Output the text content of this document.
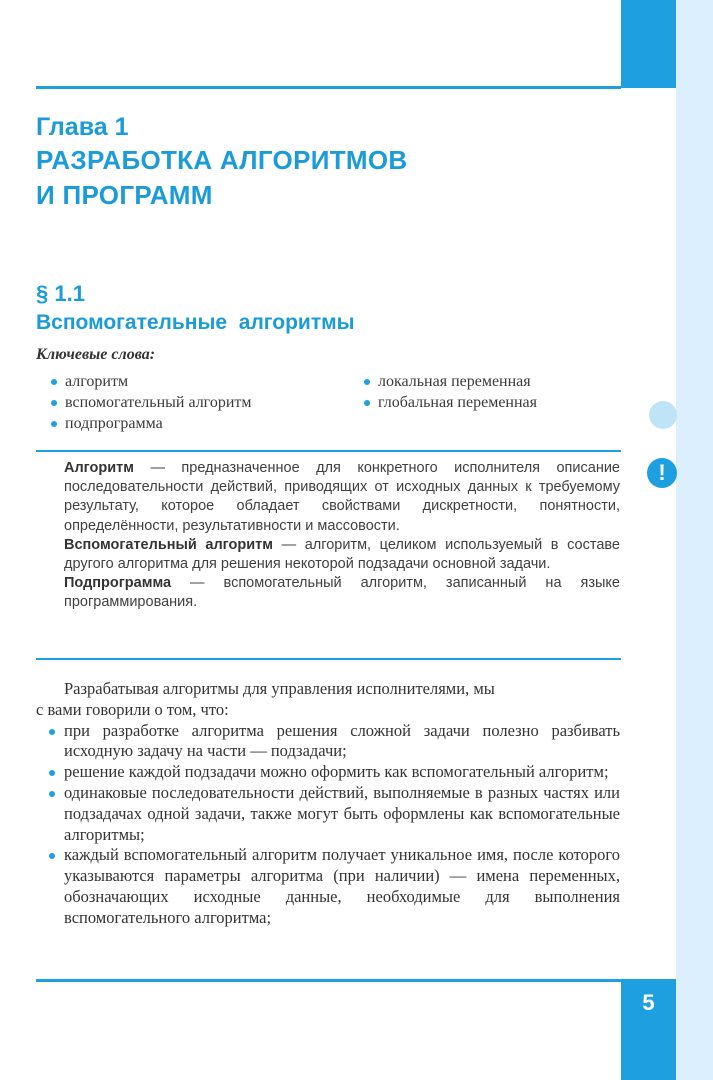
Глава 1
РАЗРАБОТКА АЛГОРИТМОВ
И ПРОГРАММ
§ 1.1
Вспомогательные  алгоритмы
Ключевые слова:
алгоритм
вспомогательный алгоритм
подпрограмма
локальная переменная
глобальная переменная
!

Алгоритм — предназначенное для конкретного исполнителя описание последовательности действий, приводящих от исходных данных к требуемому результату, которое обладает свойствами дискретности, понятности, определённости, результативности и массовости.

Вспомогательный алгоритм — алгоритм, целиком используемый в составе другого алгоритма для решения некоторой подзадачи основной задачи.

Подпрограмма — вспомогательный алгоритм, записанный на языке программирования.

Разрабатывая алгоритмы для управления исполнителями, мы

с вами говорили о том, что:

при разработке алгоритма решения сложной задачи полезно разбивать исходную задачу на части — подзадачи;
решение каждой подзадачи можно оформить как вспомогательный алгоритм;
одинаковые последовательности действий, выполняемые в разных частях или подзадачах одной задачи, также могут быть оформлены как вспомогательные алгоритмы;
каждый вспомогательный алгоритм получает уникальное имя, после которого указываются параметры алгоритма (при наличии) — имена переменных, обозначающих исходные данные, необходимые для выполнения вспомогательного алгоритма;
5
